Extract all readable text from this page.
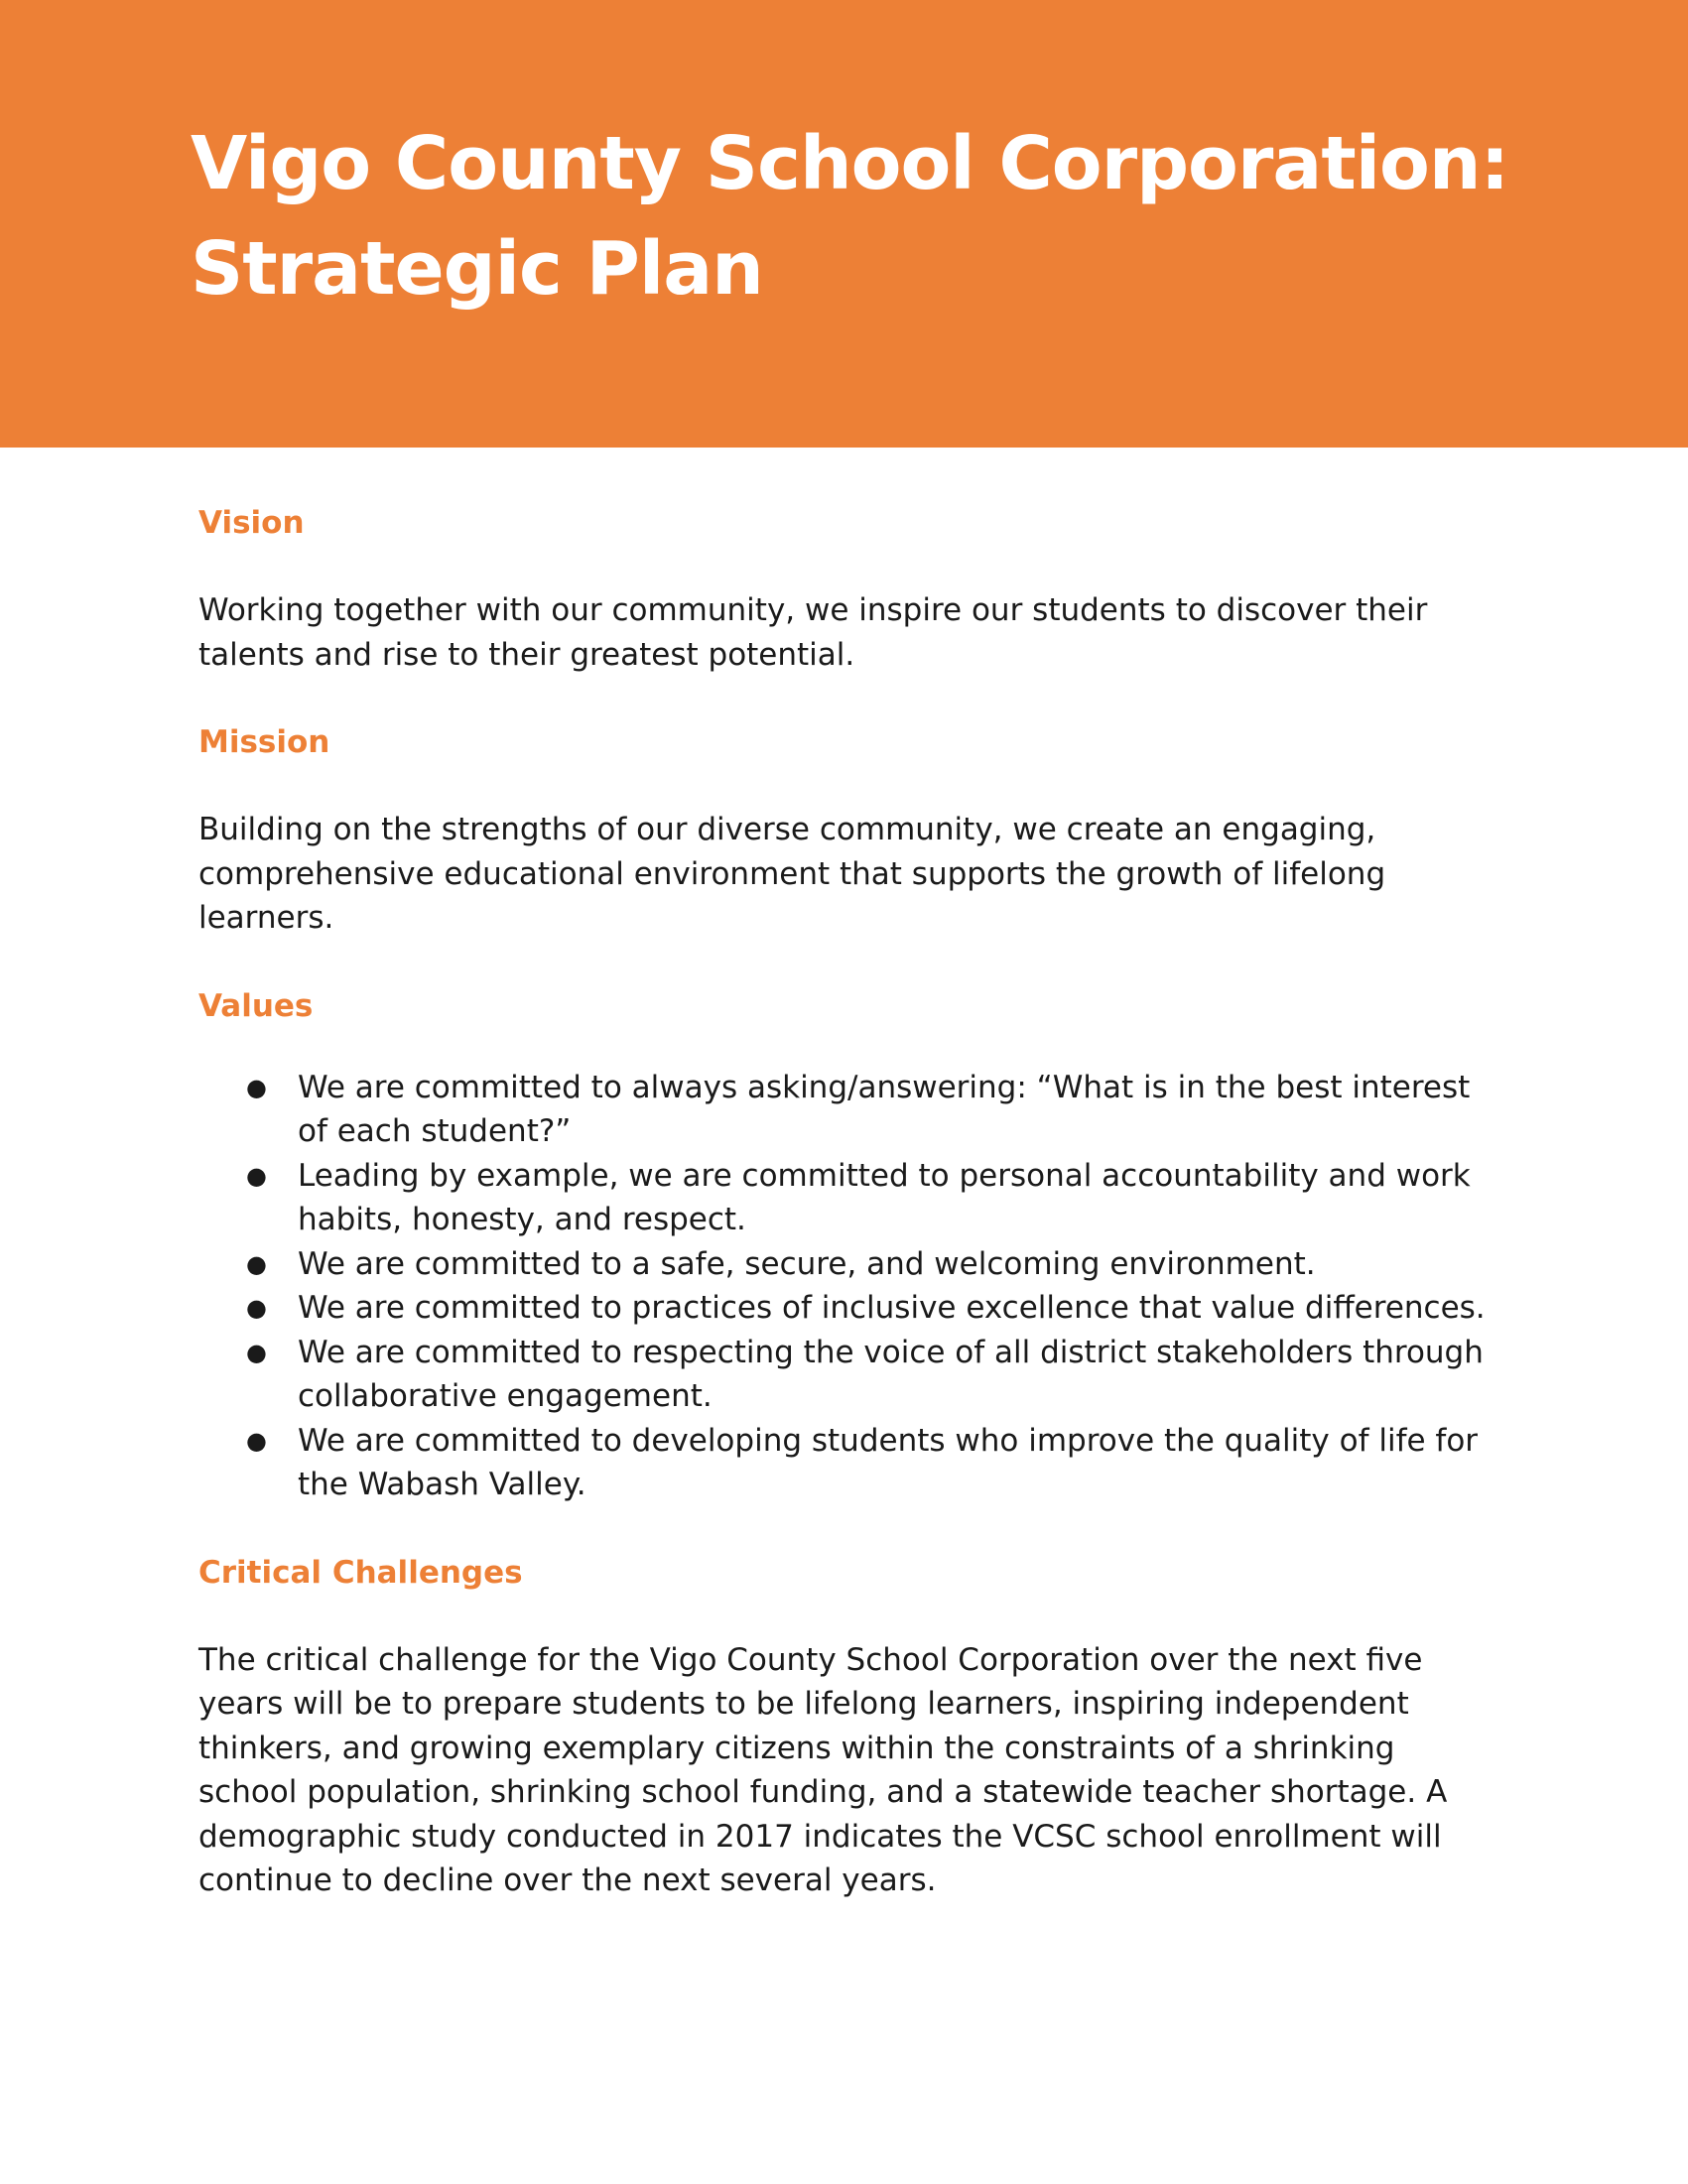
Vigo County School Corporation:
Strategic Plan
Vision

Working together with our community, we inspire our students to discover their talents and rise to their greatest potential.

Mission

Building on the strengths of our diverse community, we create an engaging, comprehensive educational environment that supports the growth of lifelong learners.

Values
● We are committed to always asking/answering: “What is in the best interest of each student?”
● Leading by example, we are committed to personal accountability and work habits, honesty, and respect.
● We are committed to a safe, secure, and welcoming environment.
● We are committed to practices of inclusive excellence that value differences.
● We are committed to respecting the voice of all district stakeholders through collaborative engagement.
● We are committed to developing students who improve the quality of life for the Wabash Valley.
Critical Challenges

The critical challenge for the Vigo County School Corporation over the next five years will be to prepare students to be lifelong learners, inspiring independent thinkers, and growing exemplary citizens within the constraints of a shrinking school population, shrinking school funding, and a statewide teacher shortage. A demographic study conducted in 2017 indicates the VCSC school enrollment will continue to decline over the next several years.
